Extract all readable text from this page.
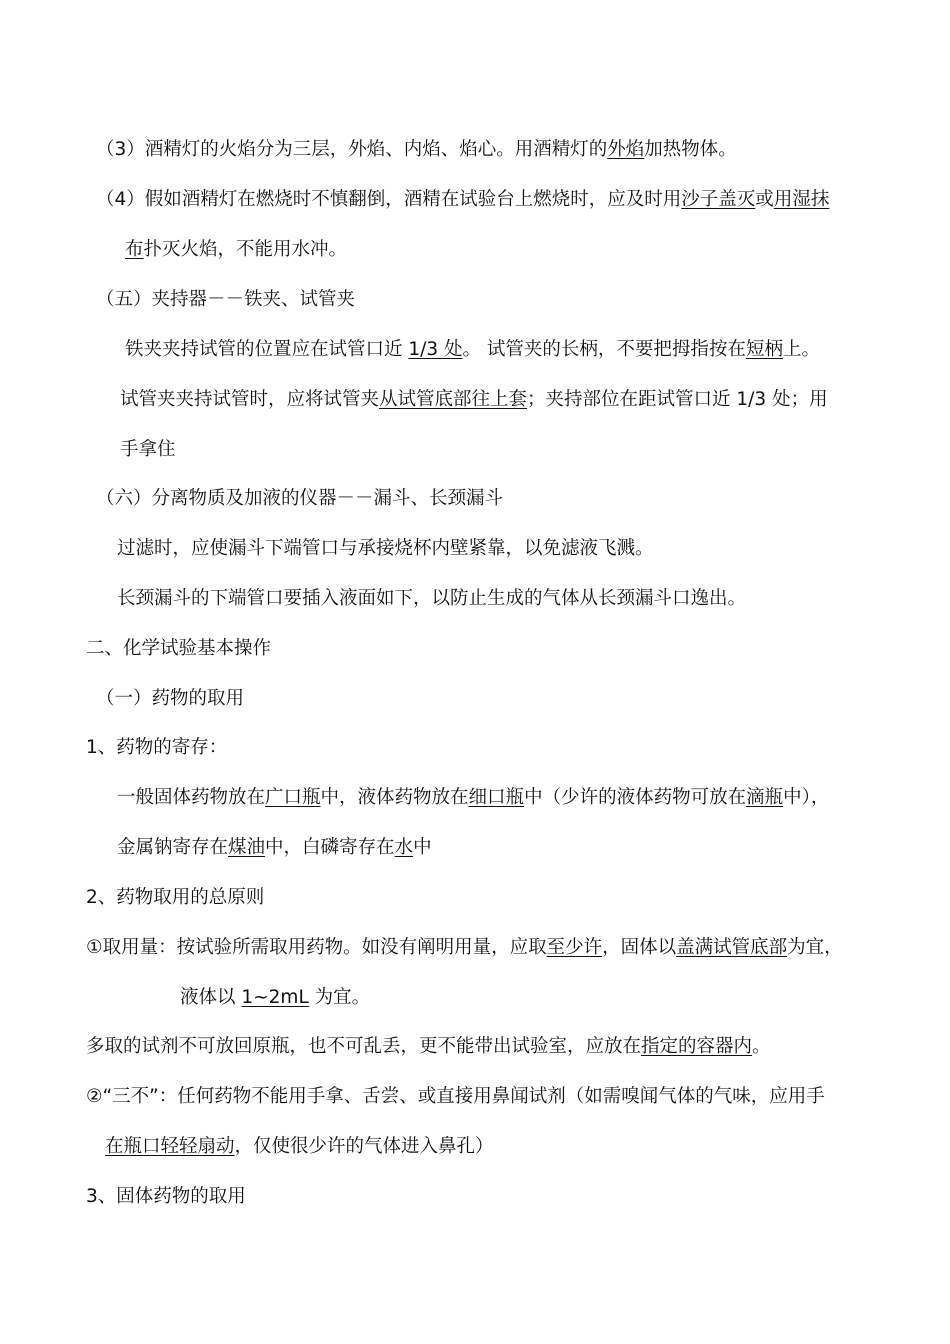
（3）酒精灯的火焰分为三层，外焰、内焰、焰心。用酒精灯的外焰加热物体。

（4）假如酒精灯在燃烧时不慎翻倒，酒精在试验台上燃烧时，应及时用沙子盖灭或用湿抹

布扑灭火焰，不能用水冲。

（五）夹持器－－铁夹、试管夹

铁夹夹持试管的位置应在试管口近 1/3 处。 试管夹的长柄，不要把拇指按在短柄上。

试管夹夹持试管时，应将试管夹从试管底部往上套；夹持部位在距试管口近 1/3 处；用

手拿住

（六）分离物质及加液的仪器－－漏斗、长颈漏斗

过滤时，应使漏斗下端管口与承接烧杯内壁紧靠，以免滤液飞溅。

长颈漏斗的下端管口要插入液面如下，以防止生成的气体从长颈漏斗口逸出。

二、化学试验基本操作

（一）药物的取用

1、药物的寄存：

一般固体药物放在广口瓶中，液体药物放在细口瓶中（少许的液体药物可放在滴瓶中），

金属钠寄存在煤油中，白磷寄存在水中

2、药物取用的总原则

①取用量：按试验所需取用药物。如没有阐明用量，应取至少许，固体以盖满试管底部为宜，

液体以 1~2mL 为宜。

多取的试剂不可放回原瓶，也不可乱丢，更不能带出试验室，应放在指定的容器内。

②“三不”：任何药物不能用手拿、舌尝、或直接用鼻闻试剂（如需嗅闻气体的气味，应用手

在瓶口轻轻扇动，仅使很少许的气体进入鼻孔）

3、固体药物的取用
